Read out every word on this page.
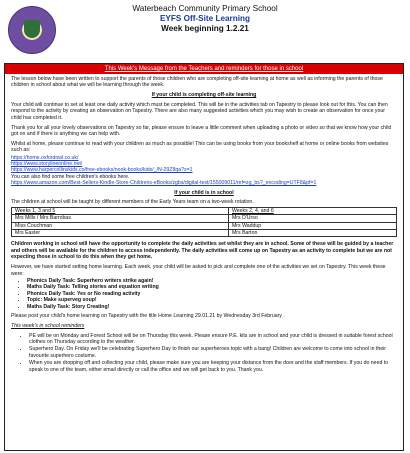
Waterbeach Community Primary School
EYFS Off-Site Learning
Week beginning 1.2.21
This Week's Message from the Teachers and reminders for those in school

The lesson below have been written to support the parents of those children who are completing off-site learning at home as well as informing the parents of those children in school about what we will be learning through the week.

If your child is completing off-site learning

Your child will continue to set at least one daily activity which must be completed. This will be in the activities tab on Tapestry to please look out for this. You can then respond to the activity by creating an observation on Tapestry. There are also many suggested activities which you may wish to create an observation for once your child has completed it.

Thank you for all your lovely observations on Tapestry so far, please ensure to leave a little comment when uploading a photo or video so that we know how your child got on and if there is anything we can help with.

Whilst at home, please continue to read with your children as much as possible! This can be using books from your bookshelf at home or online books from websites such as:

https://home.oxfordowl.co.uk/
https://www.storylineonline.net/
https://www.harpercollinskids.co/free-ebooks/nook-books/kids/_/N-29Z8qa?s=1
You can also find some free children's ebooks here.
https://www.amazon.com/Best-Sellers-Kindle-Store-Childrens-eBooks/zgbs/digital-text/155009011/ref=zg_bs?_encoding=UTF8&pf=1

If your child is in school

The children at school will be taught by different members of the Early Years team on a two-week rotation.

Weeks 1, 3 and 5	Weeks 2, 4, and 6
Mrs Mills / Mrs Barrobas	Mrs D'Urso
Miss Couchman	Mrs Waddup
Mrs Easter	Mrs Barton

Children working in school will have the opportunity to complete the daily activities set whilst they are in school. Some of these will be guided by a teacher and others will be available for the children to access independently. The daily activities will come up on Tapestry as an activity to complete but we are not expecting those in school to do this when they get home.

However, we have started setting home learning. Each week, your child will be asked to pick and complete one of the activities we set on Tapestry. This week these were:

• Phonics Daily Task: Superhero writers strike again!
• Maths Daily Task: Telling stories and equation writing
• Phonics Daily Task: Yes or No reading activity
• Topic: Make superveg soup!
• Maths Daily Task: Story Creating!

Please post your child's home learning on Tapestry with the title Home Learning 29.01.21 by Wednesday 3rd February .

This week's in school reminders

• PE will be on Monday and Forest School will be on Thursday this week. Please ensure P.E. kits are in school and your child is dressed in suitable forest school clothes on Thursday according to the weather.
• Superhero Day. On Friday we'll be celebrating Superhero Day to finish our superheroes topic with a bang! Children are welcome to come into school in their favourite superhero costume.
• When you are dropping off and collecting your child, please make sure you are keeping your distance from the door and the staff members. If you do need to speak to one of the team, either email directly or call the office and we will get back to you. Thank you.
